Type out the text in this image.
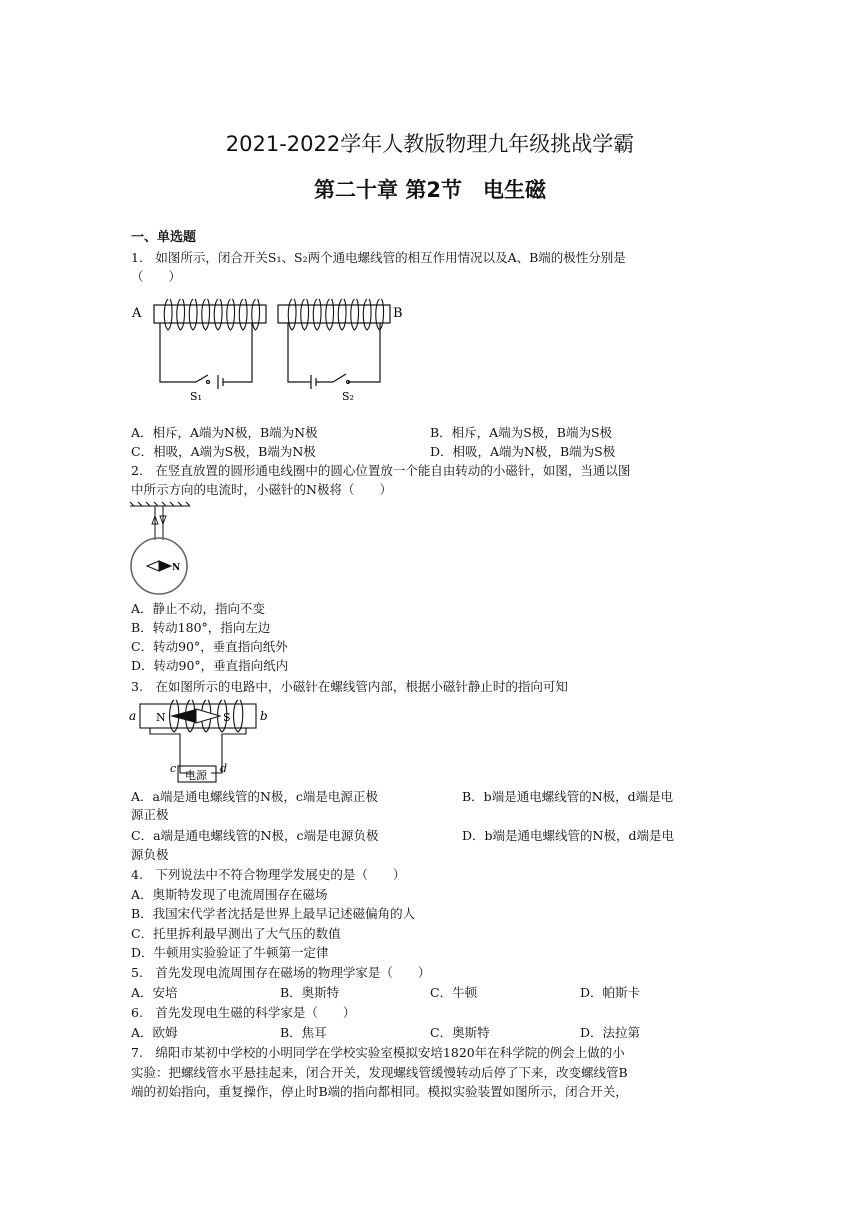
2021-2022学年人教版物理九年级挑战学霸
第二十章 第2节　电生磁
一、单选题
1.　如图所示，闭合开关S₁、S₂两个通电螺线管的相互作用情况以及A、B端的极性分别是
（　　）
A	B
S₁	S₂
A．相斥，A端为N极，B端为N极	B．相斥，A端为S极，B端为S极
C．相吸，A端为S极，B端为N极	D．相吸，A端为N极，B端为S极
2.　在竖直放置的圆形通电线圈中的圆心位置放一个能自由转动的小磁针，如图，当通以图
中所示方向的电流时，小磁针的N极将（　　）
N
A．静止不动，指向不变
B．转动180°，指向左边
C．转动90°，垂直指向纸外
D．转动90°，垂直指向纸内
3.　在如图所示的电路中，小磁针在螺线管内部，根据小磁针静止时的指向可知
a	b
c	d
N	S
电源
A．a端是通电螺线管的N极，c端是电源正极	B．b端是通电螺线管的N极，d端是电
源正极
C．a端是通电螺线管的N极，c端是电源负极	D．b端是通电螺线管的N极，d端是电
源负极
4.　下列说法中不符合物理学发展史的是（　　）
A．奥斯特发现了电流周围存在磁场
B．我国宋代学者沈括是世界上最早记述磁偏角的人
C．托里拆利最早测出了大气压的数值
D．牛顿用实验验证了牛顿第一定律
5.　首先发现电流周围存在磁场的物理学家是（　　）
A．安培	B．奥斯特	C．牛顿	D．帕斯卡
6.　首先发现电生磁的科学家是（　　）
A．欧姆	B．焦耳	C．奥斯特	D．法拉第
7.　绵阳市某初中学校的小明同学在学校实验室模拟安培1820年在科学院的例会上做的小
实验：把螺线管水平悬挂起来，闭合开关，发现螺线管缓慢转动后停了下来，改变螺线管B
端的初始指向，重复操作，停止时B端的指向都相同。模拟实验装置如图所示，闭合开关，
